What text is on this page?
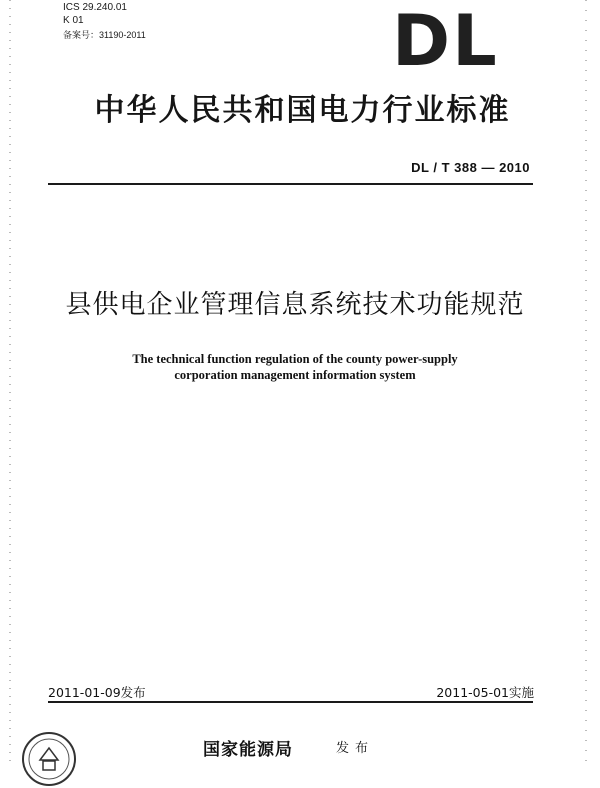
ICS 29.240.01
K 01
备案号：31190-2011	DL
中华人民共和国电力行业标准
DL / T 388 — 2010
县供电企业管理信息系统技术功能规范
The technical function regulation of the county power-supply
corporation management information system
2011-01-09发布	2011-05-01实施
国家能源局	发布
